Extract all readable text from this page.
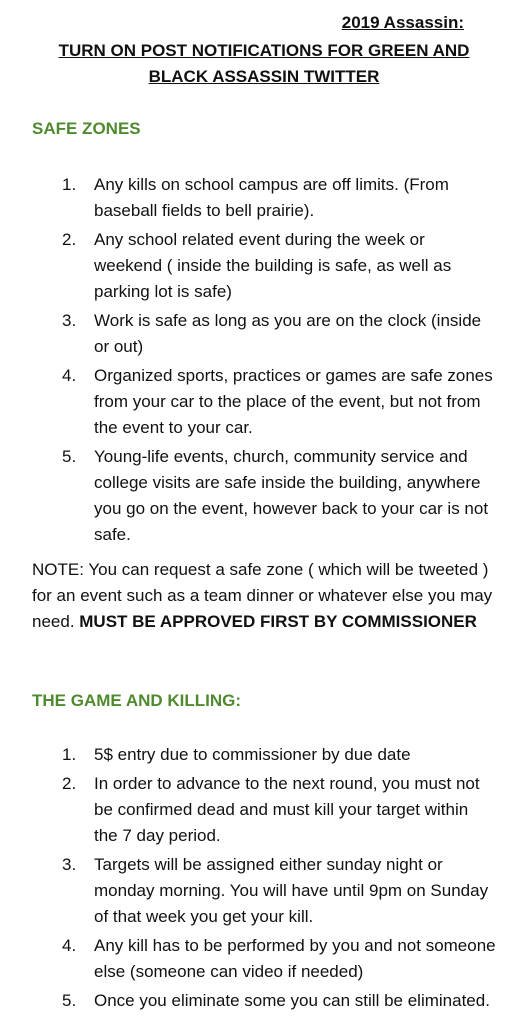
2019 Assassin:
TURN ON POST NOTIFICATIONS FOR GREEN AND BLACK ASSASSIN TWITTER
SAFE ZONES
1. Any kills on school campus are off limits. (From baseball fields to bell prairie).
2. Any school related event during the week or weekend ( inside the building is safe, as well as parking lot is safe)
3. Work is safe as long as you are on the clock (inside or out)
4. Organized sports, practices or games are safe zones from your car to the place of the event, but not from the event to your car.
5. Young-life events, church, community service and college visits are safe inside the building, anywhere you go on the event, however back to your car is not safe.
NOTE: You can request a safe zone ( which will be tweeted ) for an event such as a team dinner or whatever else you may need. MUST BE APPROVED FIRST BY COMMISSIONER
THE GAME AND KILLING:
1. 5$ entry due to commissioner by due date
2. In order to advance to the next round, you must not be confirmed dead and must kill your target within the 7 day period.
3. Targets will be assigned either sunday night or monday morning. You will have until 9pm on Sunday of that week you get your kill.
4. Any kill has to be performed by you and not someone else (someone can video if needed)
5. Once you eliminate some you can still be eliminated.
